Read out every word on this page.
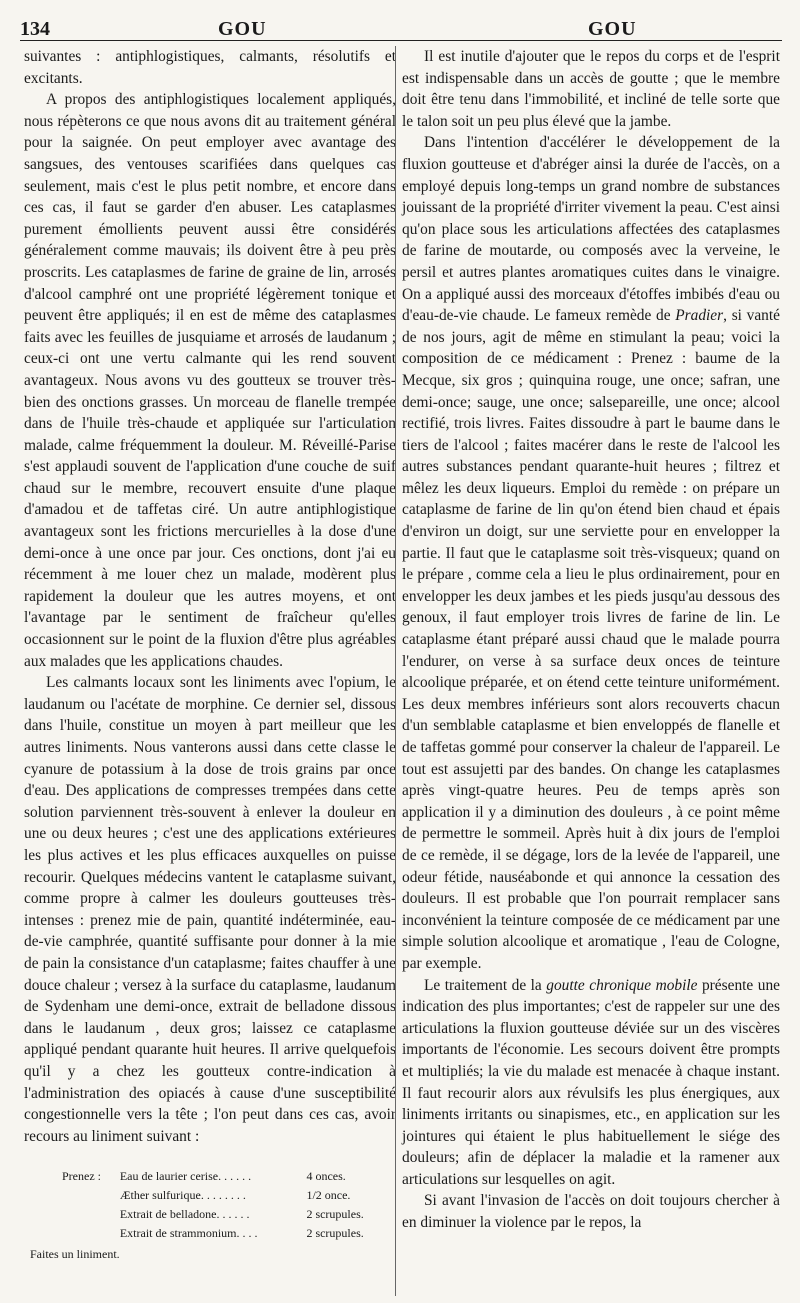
134	GOU	GOU

suivantes : antiphlogistiques, calmants, résolutifs et excitants.

A propos des antiphlogistiques localement appliqués, nous répèterons ce que nous avons dit au traitement général pour la saignée. On peut employer avec avantage des sangsues, des ventouses scarifiées dans quelques cas seulement, mais c'est le plus petit nombre, et encore dans ces cas, il faut se garder d'en abuser. Les cataplasmes purement émollients peuvent aussi être considérés généralement comme mauvais; ils doivent être à peu près proscrits. Les cataplasmes de farine de graine de lin, arrosés d'alcool camphré ont une propriété légèrement tonique et peuvent être appliqués; il en est de même des cataplasmes faits avec les feuilles de jusquiame et arrosés de laudanum ; ceux-ci ont une vertu calmante qui les rend souvent avantageux. Nous avons vu des goutteux se trouver très-bien des onctions grasses. Un morceau de flanelle trempée dans de l'huile très-chaude et appliquée sur l'articulation malade, calme fréquemment la douleur. M. Réveillé-Parise s'est applaudi souvent de l'application d'une couche de suif chaud sur le membre, recouvert ensuite d'une plaque d'amadou et de taffetas ciré. Un autre antiphlogistique avantageux sont les frictions mercurielles à la dose d'une demi-once à une once par jour. Ces onctions, dont j'ai eu récemment à me louer chez un malade, modèrent plus rapidement la douleur que les autres moyens, et ont l'avantage par le sentiment de fraîcheur qu'elles occasionnent sur le point de la fluxion d'être plus agréables aux malades que les applications chaudes.

Les calmants locaux sont les liniments avec l'opium, le laudanum ou l'acétate de morphine. Ce dernier sel, dissous dans l'huile, constitue un moyen à part meilleur que les autres liniments. Nous vanterons aussi dans cette classe le cyanure de potassium à la dose de trois grains par once d'eau. Des applications de compresses trempées dans cette solution parviennent très-souvent à enlever la douleur en une ou deux heures ; c'est une des applications extérieures les plus actives et les plus efficaces auxquelles on puisse recourir. Quelques médecins vantent le cataplasme suivant, comme propre à calmer les douleurs goutteuses très-intenses : prenez mie de pain, quantité indéterminée, eau-de-vie camphrée, quantité suffisante pour donner à la mie de pain la consistance d'un cataplasme; faites chauffer à une douce chaleur ; versez à la surface du cataplasme, laudanum de Sydenham une demi-once, extrait de belladone dissous dans le laudanum , deux gros; laissez ce cataplasme appliqué pendant quarante huit heures. Il arrive quelquefois qu'il y a chez les goutteux contre-indication à l'administration des opiacés à cause d'une susceptibilité congestionnelle vers la tête ; l'on peut dans ces cas, avoir recours au liniment suivant :

Prenez :	Eau de laurier cerise. . . . . .	4 onces.
Æther sulfurique. . . . . . . .	1/2 once.
Extrait de belladone. . . . . .	2 scrupules.
Extrait de strammonium. . . .	2 scrupules.
Faites un liniment.

Il est inutile d'ajouter que le repos du corps et de l'esprit est indispensable dans un accès de goutte ; que le membre doit être tenu dans l'immobilité, et incliné de telle sorte que le talon soit un peu plus élevé que la jambe.

Dans l'intention d'accélérer le développement de la fluxion goutteuse et d'abréger ainsi la durée de l'accès, on a employé depuis long-temps un grand nombre de substances jouissant de la propriété d'irriter vivement la peau. C'est ainsi qu'on place sous les articulations affectées des cataplasmes de farine de moutarde, ou composés avec la verveine, le persil et autres plantes aromatiques cuites dans le vinaigre. On a appliqué aussi des morceaux d'étoffes imbibés d'eau ou d'eau-de-vie chaude. Le fameux remède de Pradier, si vanté de nos jours, agit de même en stimulant la peau; voici la composition de ce médicament : Prenez : baume de la Mecque, six gros ; quinquina rouge, une once; safran, une demi-once; sauge, une once; salsepareille, une once; alcool rectifié, trois livres. Faites dissoudre à part le baume dans le tiers de l'alcool ; faites macérer dans le reste de l'alcool les autres substances pendant quarante-huit heures ; filtrez et mêlez les deux liqueurs. Emploi du remède : on prépare un cataplasme de farine de lin qu'on étend bien chaud et épais d'environ un doigt, sur une serviette pour en envelopper la partie. Il faut que le cataplasme soit très-visqueux; quand on le prépare , comme cela a lieu le plus ordinairement, pour en envelopper les deux jambes et les pieds jusqu'au dessous des genoux, il faut employer trois livres de farine de lin. Le cataplasme étant préparé aussi chaud que le malade pourra l'endurer, on verse à sa surface deux onces de teinture alcoolique préparée, et on étend cette teinture uniformément. Les deux membres inférieurs sont alors recouverts chacun d'un semblable cataplasme et bien enveloppés de flanelle et de taffetas gommé pour conserver la chaleur de l'appareil. Le tout est assujetti par des bandes. On change les cataplasmes après vingt-quatre heures. Peu de temps après son application il y a diminution des douleurs , à ce point même de permettre le sommeil. Après huit à dix jours de l'emploi de ce remède, il se dégage, lors de la levée de l'appareil, une odeur fétide, nauséabonde et qui annonce la cessation des douleurs. Il est probable que l'on pourrait remplacer sans inconvénient la teinture composée de ce médicament par une simple solution alcoolique et aromatique , l'eau de Cologne, par exemple.

Le traitement de la goutte chronique mobile présente une indication des plus importantes; c'est de rappeler sur une des articulations la fluxion goutteuse déviée sur un des viscères importants de l'économie. Les secours doivent être prompts et multipliés; la vie du malade est menacée à chaque instant. Il faut recourir alors aux révulsifs les plus énergiques, aux liniments irritants ou sinapismes, etc., en application sur les jointures qui étaient le plus habituellement le siége des douleurs; afin de déplacer la maladie et la ramener aux articulations sur lesquelles on agit.

Si avant l'invasion de l'accès on doit toujours chercher à en diminuer la violence par le repos, la
